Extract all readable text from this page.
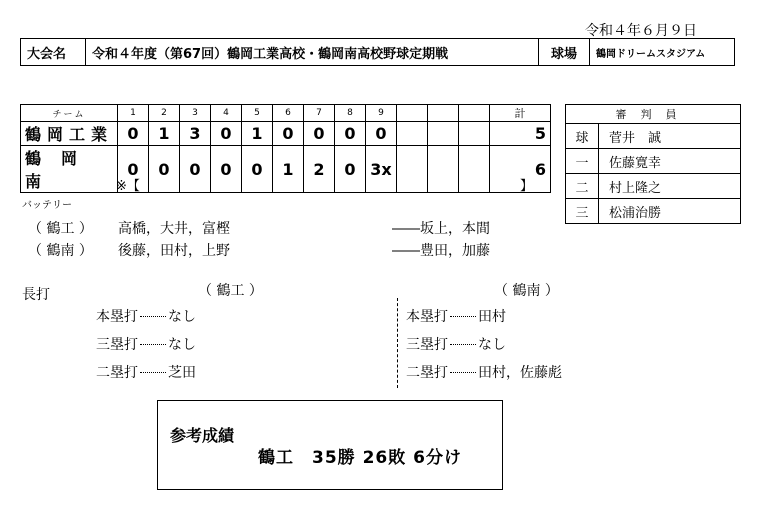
令和４年６月９日
大会名	令和４年度（第67回）鶴岡工業高校・鶴岡南高校野球定期戦	球場	鶴岡ドリームスタジアム
チーム	1	2	3	4	5	6	7	8	9				計
鶴岡工業	0	1	3	0	1	0	0	0	0				5
鶴岡南	0	0	0	0	0	1	2	0	3x				6
※【	】
審判員	
球	菅井　誠
一	佐藤寛幸
二	村上隆之
三	松浦治勝
バッテリー
（ 鶴工 ） 高橋，大井，富樫	――坂上，本間
（ 鶴南 ） 後藤，田村，上野	――豊田，加藤
長打	（ 鶴工 ）	（ 鶴南 ）
本塁打 なし
三塁打 なし
二塁打 芝田
本塁打 田村
三塁打 なし
二塁打 田村，佐藤彪
参考成績
鶴工　35勝 26敗 6分け
